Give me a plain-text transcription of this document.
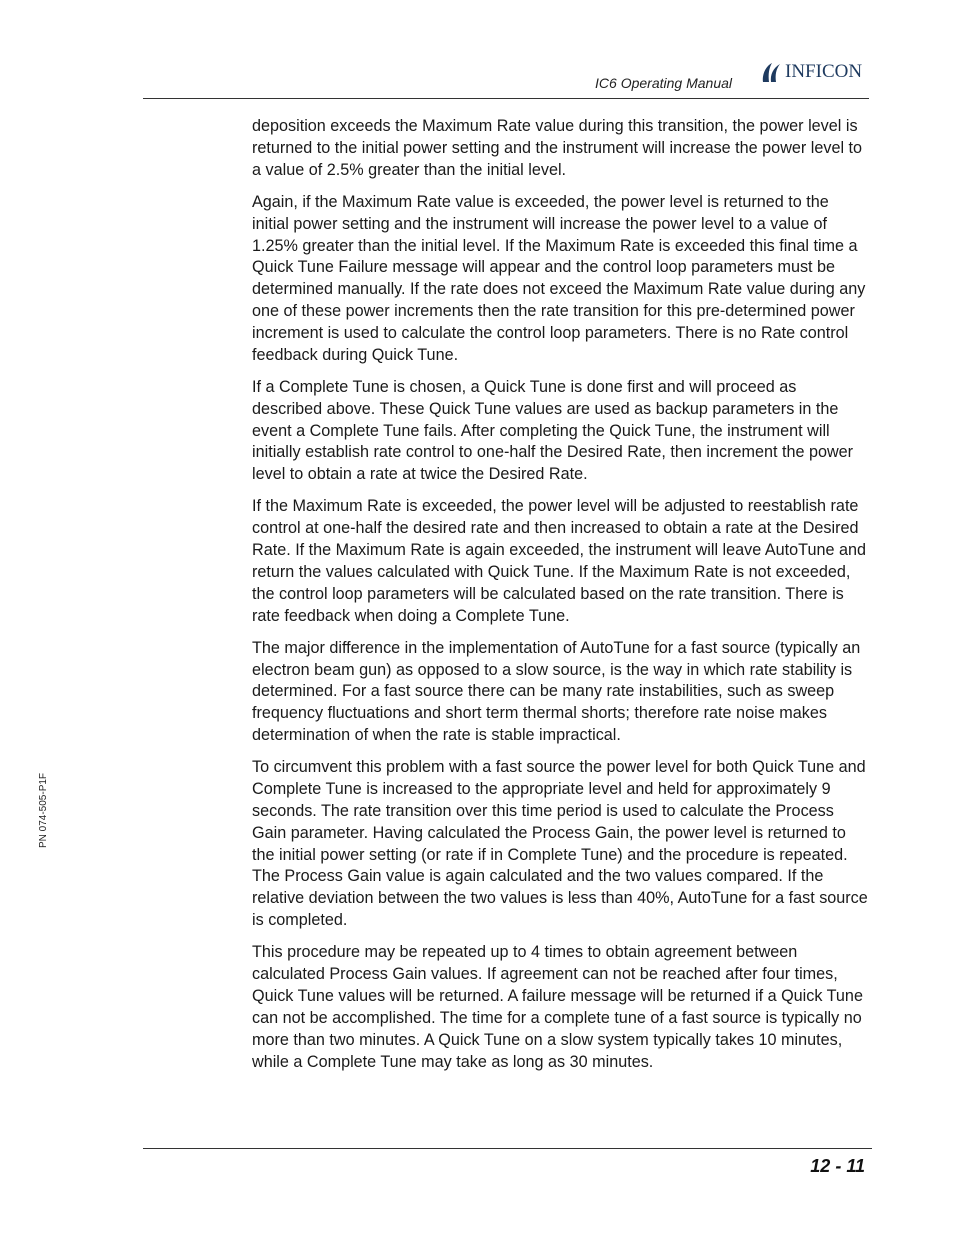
IC6 Operating Manual
INFICON
PN 074-505-P1F

deposition exceeds the Maximum Rate value during this transition, the power level is returned to the initial power setting and the instrument will increase the power level to a value of 2.5% greater than the initial level.

Again, if the Maximum Rate value is exceeded, the power level is returned to the initial power setting and the instrument will increase the power level to a value of 1.25% greater than the initial level. If the Maximum Rate is exceeded this final time a Quick Tune Failure message will appear and the control loop parameters must be determined manually. If the rate does not exceed the Maximum Rate value during any one of these power increments then the rate transition for this pre-determined power increment is used to calculate the control loop parameters. There is no Rate control feedback during Quick Tune.

If a Complete Tune is chosen, a Quick Tune is done first and will proceed as described above. These Quick Tune values are used as backup parameters in the event a Complete Tune fails. After completing the Quick Tune, the instrument will initially establish rate control to one-half the Desired Rate, then increment the power level to obtain a rate at twice the Desired Rate.

If the Maximum Rate is exceeded, the power level will be adjusted to reestablish rate control at one-half the desired rate and then increased to obtain a rate at the Desired Rate. If the Maximum Rate is again exceeded, the instrument will leave AutoTune and return the values calculated with Quick Tune. If the Maximum Rate is not exceeded, the control loop parameters will be calculated based on the rate transition. There is rate feedback when doing a Complete Tune.

The major difference in the implementation of AutoTune for a fast source (typically an electron beam gun) as opposed to a slow source, is the way in which rate stability is determined. For a fast source there can be many rate instabilities, such as sweep frequency fluctuations and short term thermal shorts; therefore rate noise makes determination of when the rate is stable impractical.

To circumvent this problem with a fast source the power level for both Quick Tune and Complete Tune is increased to the appropriate level and held for approximately 9 seconds. The rate transition over this time period is used to calculate the Process Gain parameter. Having calculated the Process Gain, the power level is returned to the initial power setting (or rate if in Complete Tune) and the procedure is repeated. The Process Gain value is again calculated and the two values compared. If the relative deviation between the two values is less than 40%, AutoTune for a fast source is completed.

This procedure may be repeated up to 4 times to obtain agreement between calculated Process Gain values. If agreement can not be reached after four times, Quick Tune values will be returned. A failure message will be returned if a Quick Tune can not be accomplished. The time for a complete tune of a fast source is typically no more than two minutes. A Quick Tune on a slow system typically takes 10 minutes, while a Complete Tune may take as long as 30 minutes.

12 - 11
